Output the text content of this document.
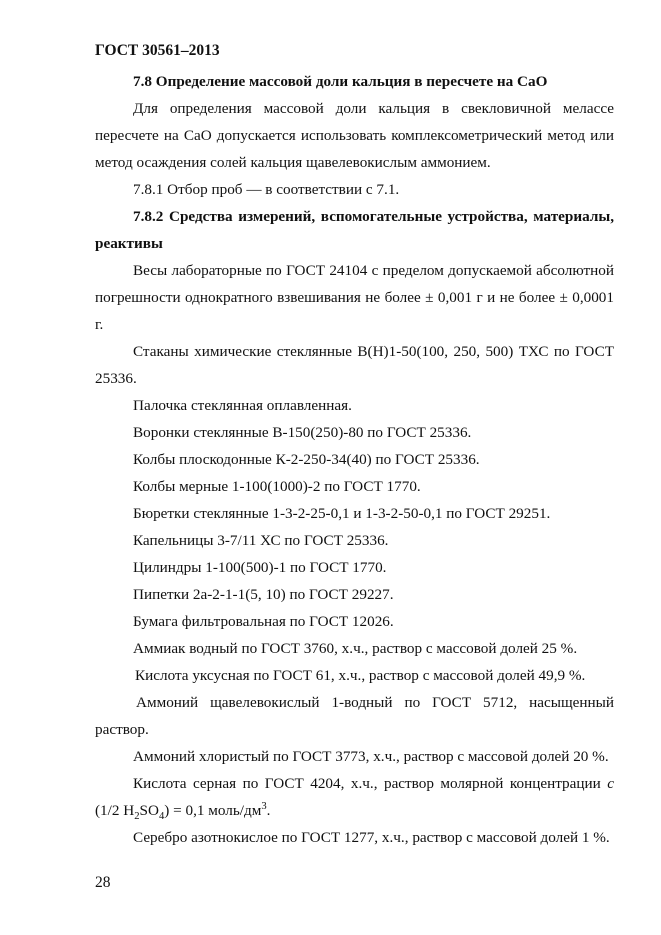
ГОСТ 30561–2013

7.8 Определение массовой доли кальция в пересчете на CaO

Для определения массовой доли кальция в свекловичной мелассе пересчете на CaO допускается использовать комплексометрический метод или метод осаждения солей кальция щавелевокислым аммонием.

7.8.1 Отбор проб — в соответствии с 7.1.

7.8.2 Средства измерений, вспомогательные устройства, материалы, реактивы

Весы лабораторные по ГОСТ 24104 с пределом допускаемой абсолютной погрешности однократного взвешивания не более ± 0,001 г и не более ± 0,0001 г.

Стаканы химические стеклянные В(Н)1-50(100, 250, 500) ТХС по ГОСТ 25336.

Палочка стеклянная оплавленная.

Воронки стеклянные В-150(250)-80 по ГОСТ 25336.

Колбы плоскодонные К-2-250-34(40) по ГОСТ 25336.

Колбы мерные 1-100(1000)-2 по ГОСТ 1770.

Бюретки стеклянные 1-3-2-25-0,1 и 1-3-2-50-0,1 по ГОСТ 29251.

Капельницы 3-7/11 ХС по ГОСТ 25336.

Цилиндры 1-100(500)-1 по ГОСТ 1770.

Пипетки 2а-2-1-1(5, 10) по ГОСТ 29227.

Бумага фильтровальная по ГОСТ 12026.

Аммиак водный по ГОСТ 3760, х.ч., раствор с массовой долей 25 %.

Кислота уксусная по ГОСТ 61, х.ч., раствор с массовой долей 49,9 %.

Аммоний щавелевокислый 1-водный по ГОСТ 5712, насыщенный раствор.

Аммоний хлористый по ГОСТ 3773, х.ч., раствор с массовой долей 20 %.

Кислота серная по ГОСТ 4204, х.ч., раствор молярной концентрации c (1/2 $H_2SO_4) = 0,1$ моль/$дм^3$.

Серебро азотнокислое по ГОСТ 1277, х.ч., раствор с массовой долей 1 %.

28
